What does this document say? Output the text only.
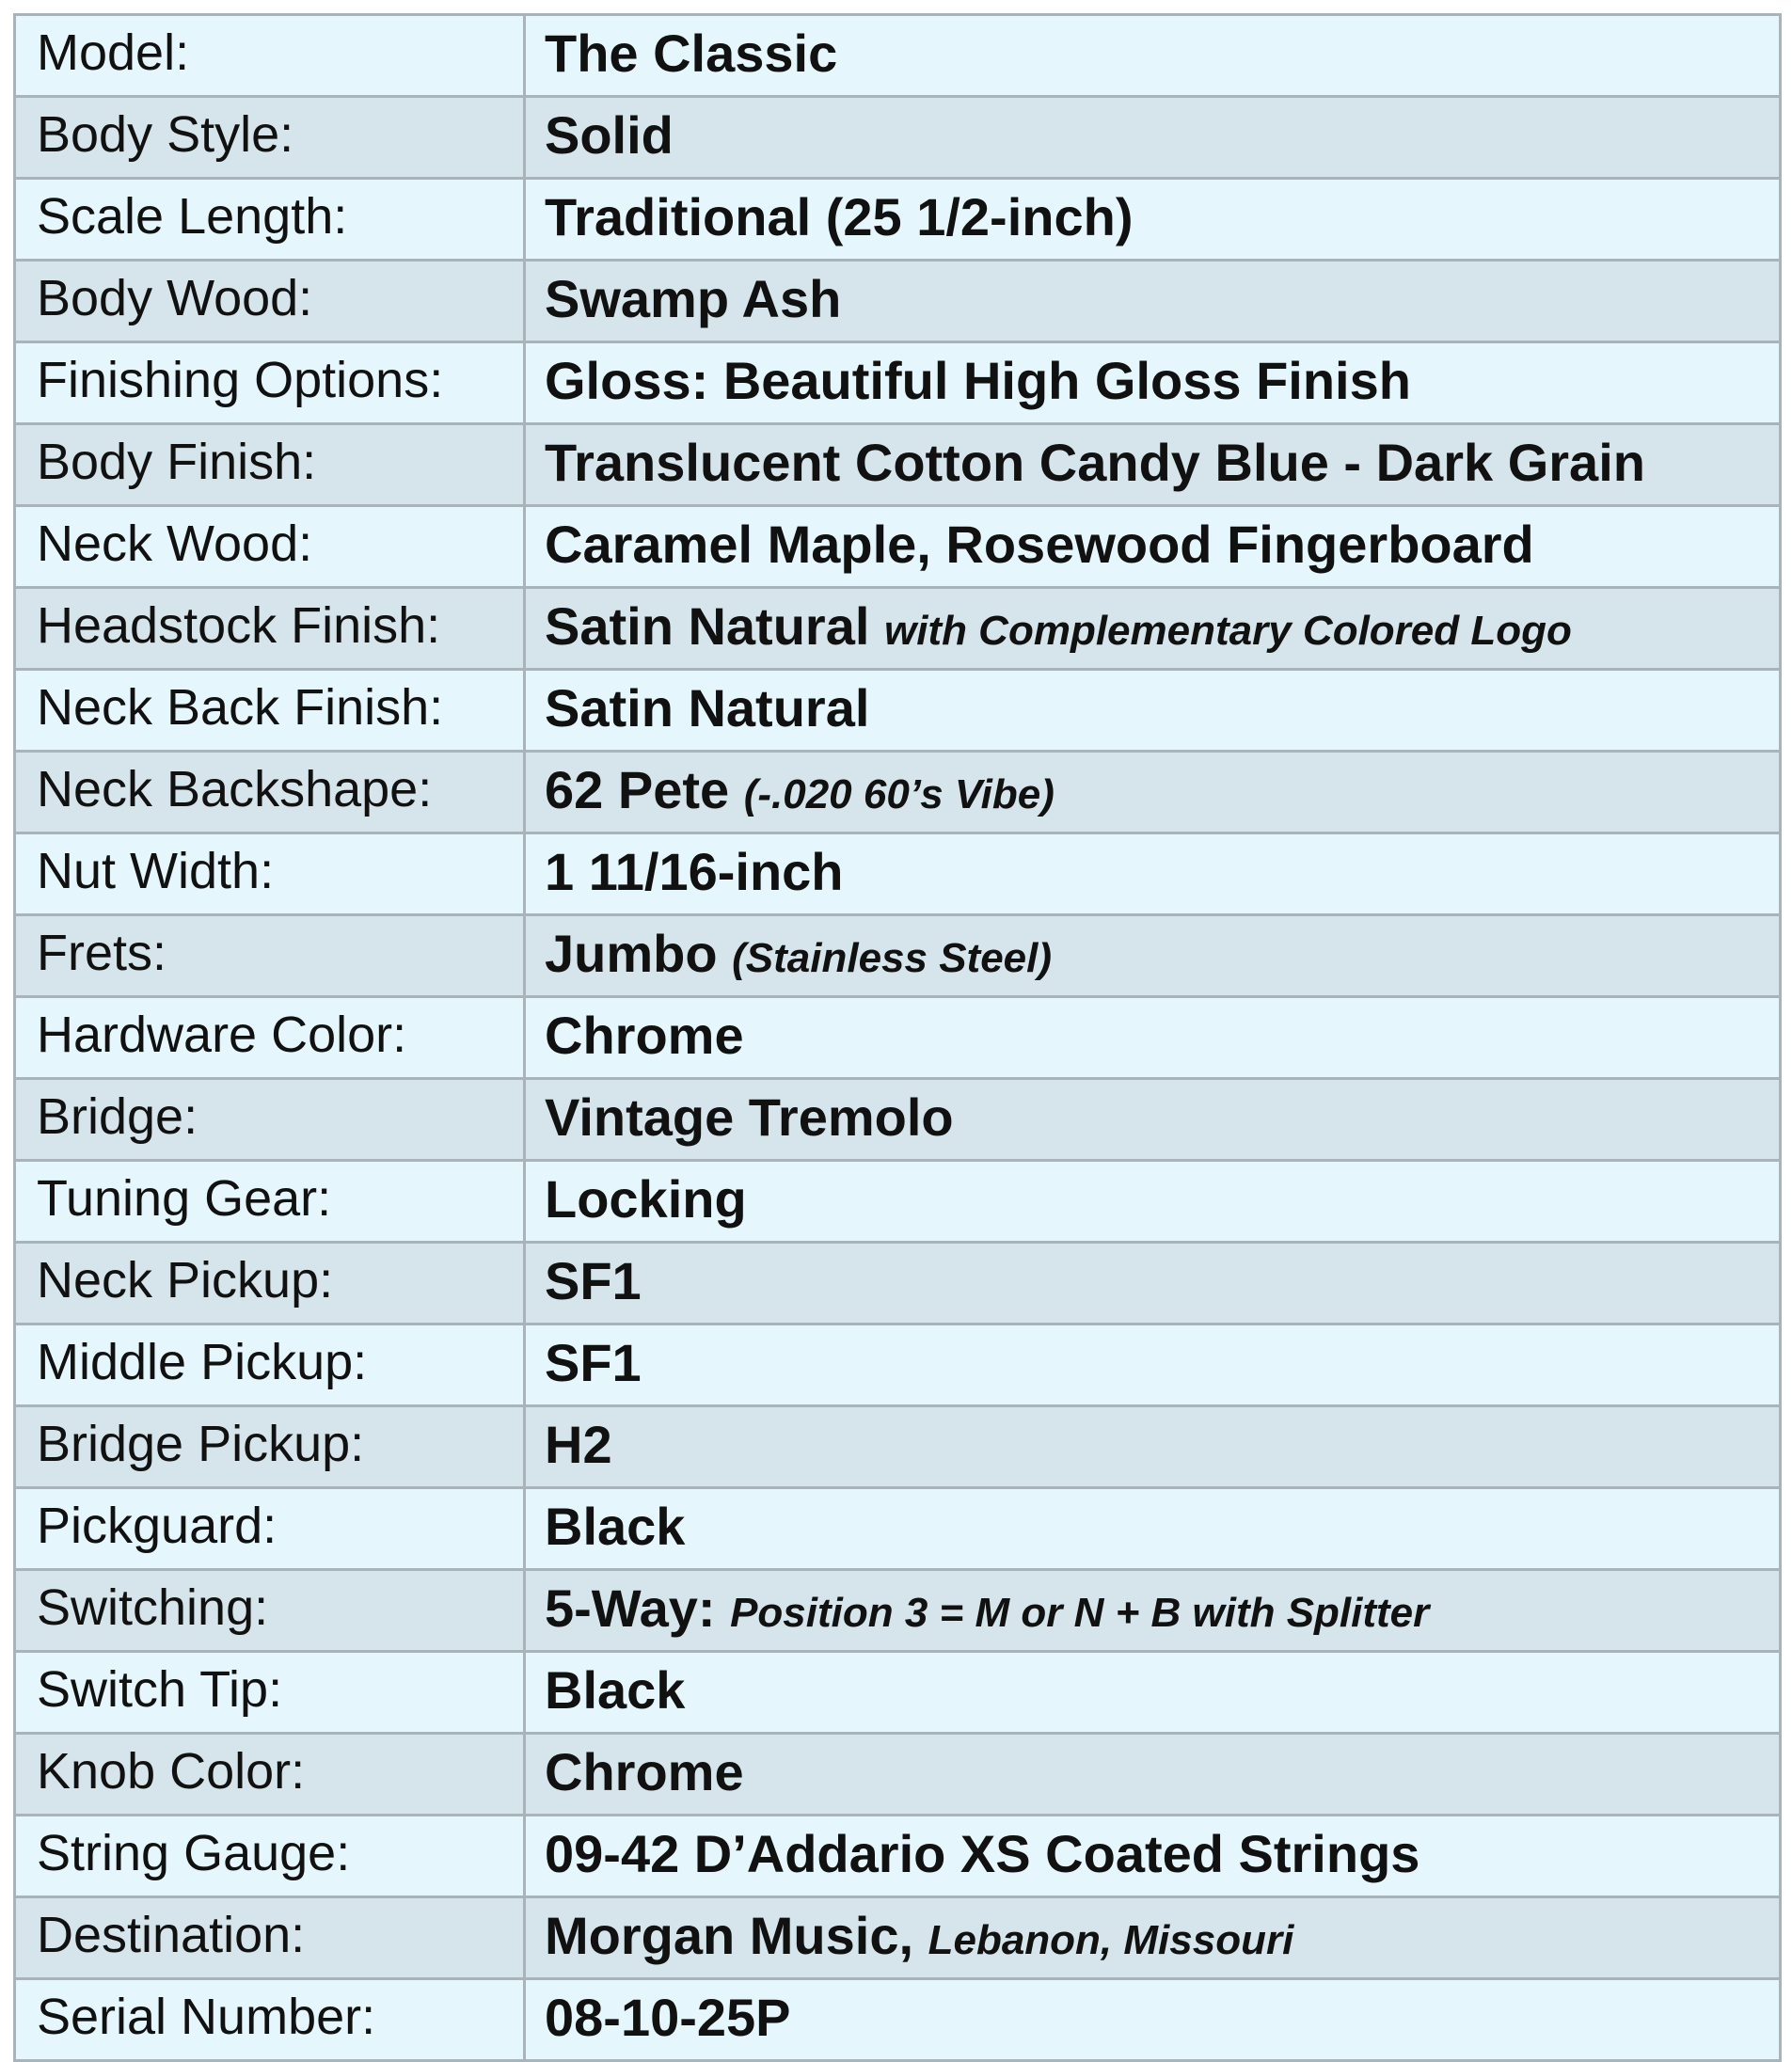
Model:	The Classic
Body Style:	Solid
Scale Length:	Traditional (25 1/2-inch)
Body Wood:	Swamp Ash
Finishing Options:	Gloss: Beautiful High Gloss Finish
Body Finish:	Translucent Cotton Candy Blue - Dark Grain
Neck Wood:	Caramel Maple, Rosewood Fingerboard
Headstock Finish:	Satin Natural with Complementary Colored Logo
Neck Back Finish:	Satin Natural
Neck Backshape:	62 Pete (-.020 60’s Vibe)
Nut Width:	1 11/16-inch
Frets:	Jumbo (Stainless Steel)
Hardware Color:	Chrome
Bridge:	Vintage Tremolo
Tuning Gear:	Locking
Neck Pickup:	SF1
Middle Pickup:	SF1
Bridge Pickup:	H2
Pickguard:	Black
Switching:	5-Way: Position 3 = M or N + B with Splitter
Switch Tip:	Black
Knob Color:	Chrome
String Gauge:	09-42 D’Addario XS Coated Strings
Destination:	Morgan Music, Lebanon, Missouri
Serial Number:	08-10-25P
